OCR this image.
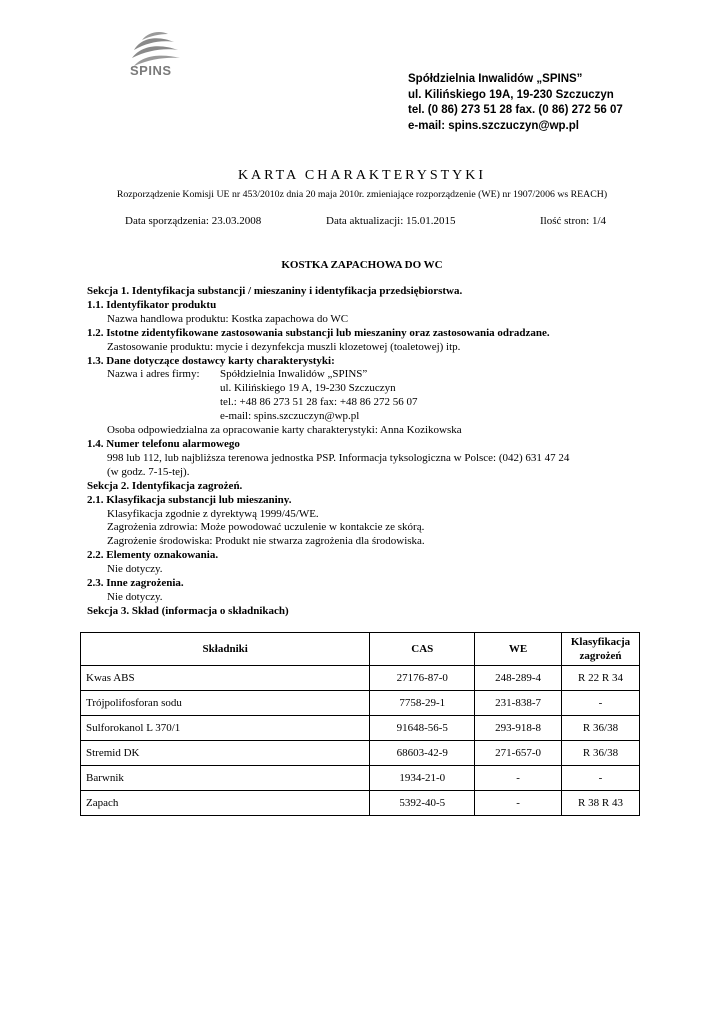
SPINS
Spółdzielnia Inwalidów „SPINS”
ul. Kilińskiego 19A, 19-230 Szczuczyn
tel. (0 86) 273 51 28 fax. (0 86) 272 56 07
e-mail: spins.szczuczyn@wp.pl
KARTA CHARAKTERYSTYKI
Rozporządzenie Komisji UE nr 453/2010z dnia 20 maja 2010r. zmieniające rozporządzenie (WE) nr 1907/2006 ws REACH)
Data sporządzenia: 23.03.2008	Data aktualizacji: 15.01.2015	Ilość stron: 1/4
KOSTKA ZAPACHOWA DO WC
Sekcja 1. Identyfikacja substancji / mieszaniny i identyfikacja przedsiębiorstwa.
1.1. Identyfikator produktu
Nazwa handlowa produktu: Kostka zapachowa do WC
1.2. Istotne zidentyfikowane zastosowania substancji lub mieszaniny oraz zastosowania odradzane.
Zastosowanie produktu: mycie i dezynfekcja muszli klozetowej (toaletowej) itp.
1.3. Dane dotyczące dostawcy karty charakterystyki:
Nazwa i adres firmy: Spółdzielnia Inwalidów „SPINS”
ul. Kilińskiego 19 A, 19-230 Szczuczyn
tel.: +48 86 273 51 28 fax: +48 86 272 56 07
e-mail: spins.szczuczyn@wp.pl
Osoba odpowiedzialna za opracowanie karty charakterystyki: Anna Kozikowska
1.4. Numer telefonu alarmowego
998 lub 112, lub najbliższa terenowa jednostka PSP. Informacja tyksologiczna w Polsce: (042) 631 47 24
(w godz. 7-15-tej).
Sekcja 2. Identyfikacja zagrożeń.
2.1. Klasyfikacja substancji lub mieszaniny.
Klasyfikacja zgodnie z dyrektywą 1999/45/WE.
Zagrożenia zdrowia: Może powodować uczulenie w kontakcie ze skórą.
Zagrożenie środowiska: Produkt nie stwarza zagrożenia dla środowiska.
2.2. Elementy oznakowania.
Nie dotyczy.
2.3. Inne zagrożenia.
Nie dotyczy.
Sekcja 3. Skład (informacja o składnikach)
Składniki	CAS	WE	Klasyfikacja zagrożeń
Kwas ABS	27176-87-0	248-289-4	R 22 R 34
Trójpolifosforan sodu	7758-29-1	231-838-7	-
Sulforokanol L 370/1	91648-56-5	293-918-8	R 36/38
Stremid DK	68603-42-9	271-657-0	R 36/38
Barwnik	1934-21-0	-	-
Zapach	5392-40-5	-	R 38 R 43
